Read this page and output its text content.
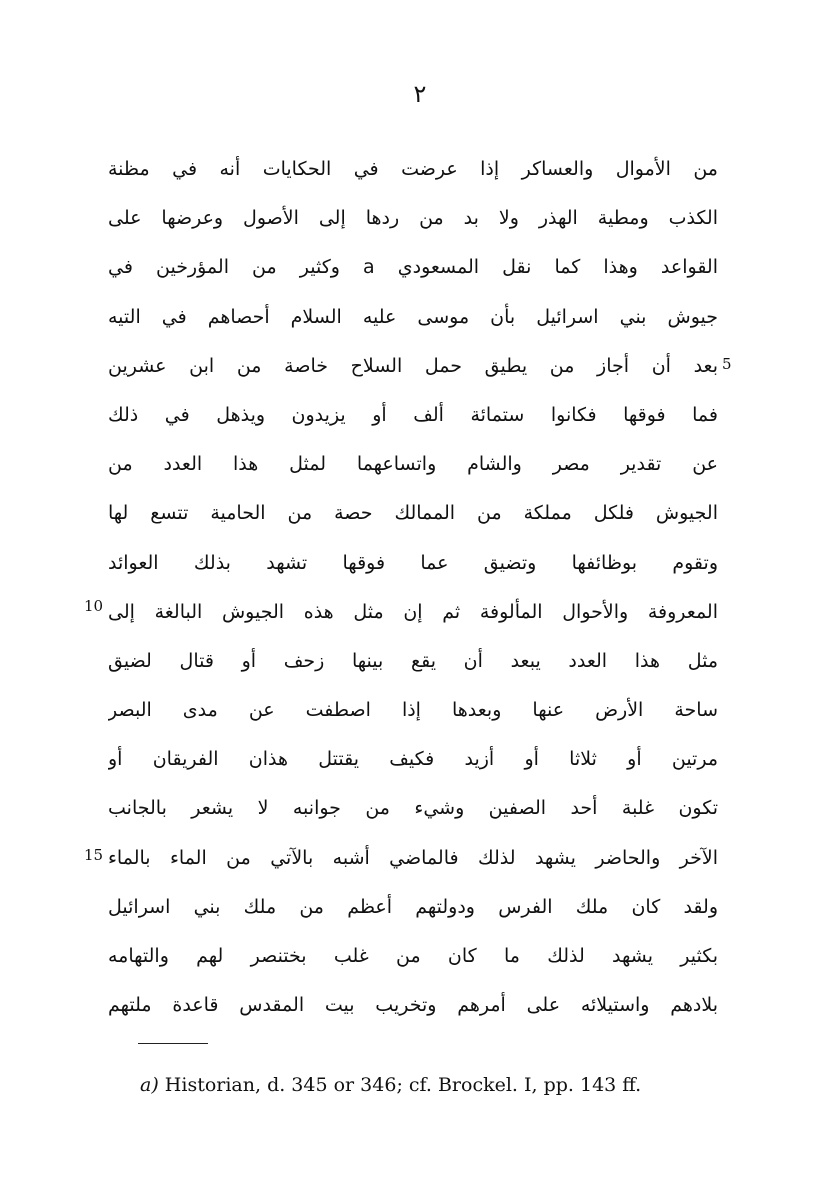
٢
من الأموال والعساكر إذا عرضت في الحكايات أنه في مظنة
الكذب ومطية الهذر ولا بد من ردها إلى الأصول وعرضها على
القواعد وهذا كما نقل المسعودي a وكثير من المؤرخين في
جيوش بني اسرائيل بأن موسى عليه السلام أحصاهم في التيه
بعد أن أجاز من يطيق حمل السلاح خاصة من ابن عشرين
فما فوقها فكانوا ستمائة ألف أو يزيدون ويذهل في ذلك
عن تقدير مصر والشام واتساعهما لمثل هذا العدد من
الجيوش فلكل مملكة من الممالك حصة من الحامية تتسع لها
وتقوم بوظائفها وتضيق عما فوقها تشهد بذلك العوائد
المعروفة والأحوال المألوفة ثم إن مثل هذه الجيوش البالغة إلى
مثل هذا العدد يبعد أن يقع بينها زحف أو قتال لضيق
ساحة الأرض عنها وبعدها إذا اصطفت عن مدى البصر
مرتين أو ثلاثا أو أزيد فكيف يقتتل هذان الفريقان أو
تكون غلبة أحد الصفين وشيء من جوانبه لا يشعر بالجانب
الآخر والحاضر يشهد لذلك فالماضي أشبه بالآتي من الماء بالماء
ولقد كان ملك الفرس ودولتهم أعظم من ملك بني اسرائيل
بكثير يشهد لذلك ما كان من غلب بختنصر لهم والتهامه
بلادهم واستيلائه على أمرهم وتخريب بيت المقدس قاعدة ملتهم
5
10
15
a) Historian, d. 345 or 346; cf. Brockel. I, pp. 143 ff.
